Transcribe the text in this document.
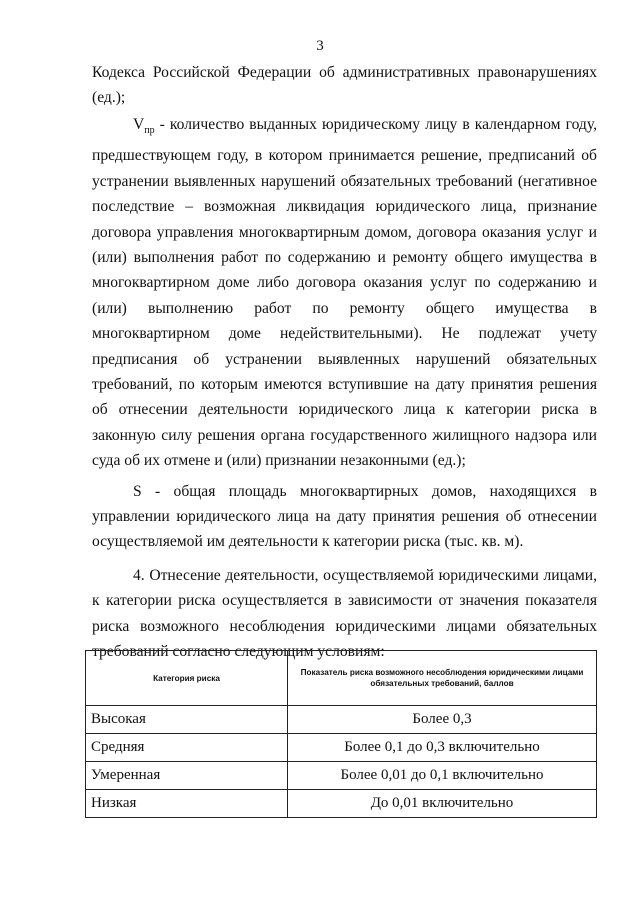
3

Кодекса Российской Федерации об административных правонарушениях (ед.);

$V_{пр}$ - количество выданных юридическому лицу в календарном году, предшествующем году, в котором принимается решение, предписаний об устранении выявленных нарушений обязательных требований (негативное последствие – возможная ликвидация юридического лица, признание договора управления многоквартирным домом, договора оказания услуг и (или) выполнения работ по содержанию и ремонту общего имущества в многоквартирном доме либо договора оказания услуг по содержанию и (или) выполнению работ по ремонту общего имущества в многоквартирном доме недействительными). Не подлежат учету предписания об устранении выявленных нарушений обязательных требований, по которым имеются вступившие на дату принятия решения об отнесении деятельности юридического лица к категории риска в законную силу решения органа государственного жилищного надзора или суда об их отмене и (или) признании незаконными (ед.);

S - общая площадь многоквартирных домов, находящихся в управлении юридического лица на дату принятия решения об отнесении осуществляемой им деятельности к категории риска (тыс. кв. м).

4. Отнесение деятельности, осуществляемой юридическими лицами, к категории риска осуществляется в зависимости от значения показателя риска возможного несоблюдения юридическими лицами обязательных требований согласно следующим условиям:

Категория риска	Показатель риска возможного несоблюдения юридическими лицами обязательных требований, баллов
Высокая	Более 0,3
Средняя	Более 0,1 до 0,3 включительно
Умеренная	Более 0,01 до 0,1 включительно
Низкая	До 0,01 включительно
